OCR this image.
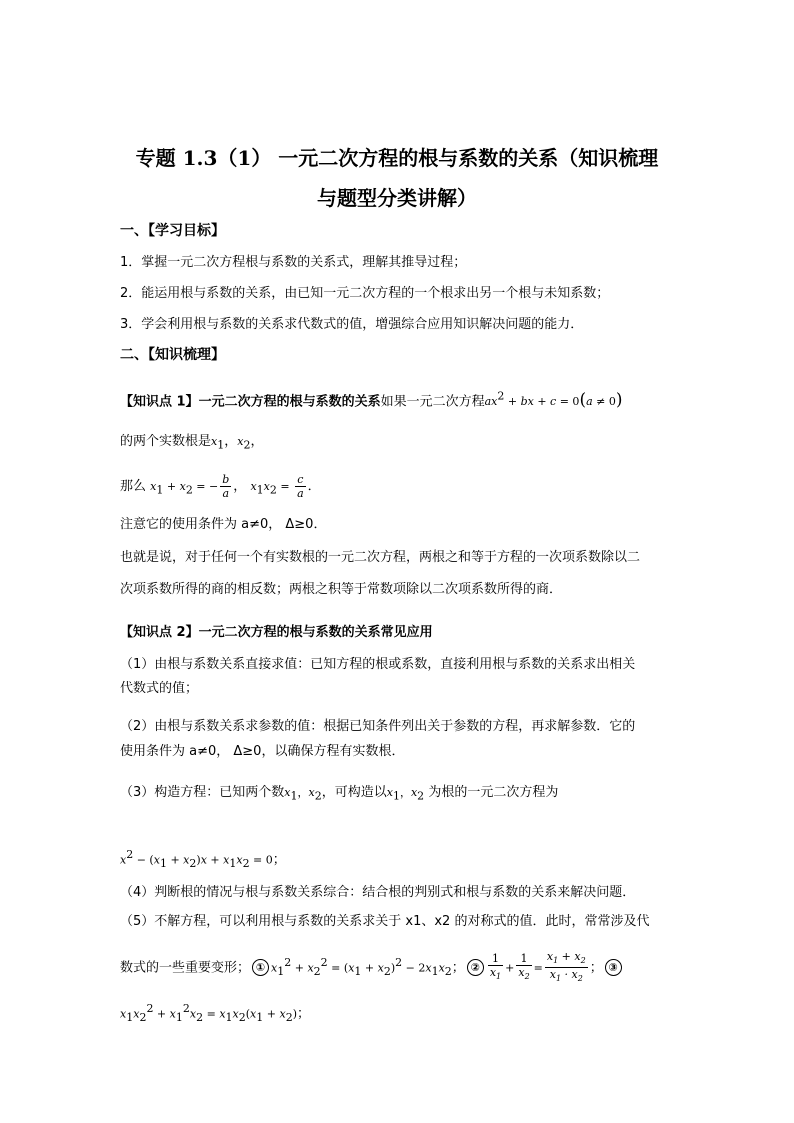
专题 1.3（1） 一元二次方程的根与系数的关系（知识梳理
与题型分类讲解）
一、【学习目标】
1．掌握一元二次方程根与系数的关系式，理解其推导过程；
2．能运用根与系数的关系，由已知一元二次方程的一个根求出另一个根与未知系数；
3．学会利用根与系数的关系求代数式的值，增强综合应用知识解决问题的能力．
二、【知识梳理】
【知识点 1】一元二次方程的根与系数的关系如果一元二次方程$ax^2$ + bx + c = 0(a ≠ 0)
的两个实数根是$x_1$，$x_2$，
那么 $x_1 + x_2$ = − $\frac{b}{a}$ ， $x_1x_2 = \frac{c}{a}$ ．
注意它的使用条件为 a≠0， Δ≥0．
也就是说，对于任何一个有实数根的一元二次方程，两根之和等于方程的一次项系数除以二
次项系数所得的商的相反数；两根之积等于常数项除以二次项系数所得的商．
【知识点 2】一元二次方程的根与系数的关系常见应用
（1）由根与系数关系直接求值：已知方程的根或系数，直接利用根与系数的关系求出相关
代数式的值；
（2）由根与系数关系求参数的值：根据已知条件列出关于参数的方程，再求解参数．它的
使用条件为 a≠0， Δ≥0，以确保方程有实数根．
（3）构造方程：已知两个数$x_1$，$x_2$，可构造以$x_1$，$x_2$ 为根的一元二次方程为
$x^2 - (x_1 + x_2)x + x_1x_2 = 0$；
（4）判断根的情况与根与系数关系综合：结合根的判别式和根与系数的关系来解决问题．
（5）不解方程，可以利用根与系数的关系求关于 x1、x2 的对称式的值．此时，常常涉及代
数式的一些重要变形； ① $x_1^2 + x_2^2 = (x_1 + x_2)^2 - 2x_1x_2$； ② $\frac{1}{x_1} + \frac{1}{x_2} = \frac{x_1 + x_2}{x_1 \cdot x_2}$ ； ③
$x_1x_2^2 + x_1^2x_2 = x_1x_2(x_1 + x_2)$；
